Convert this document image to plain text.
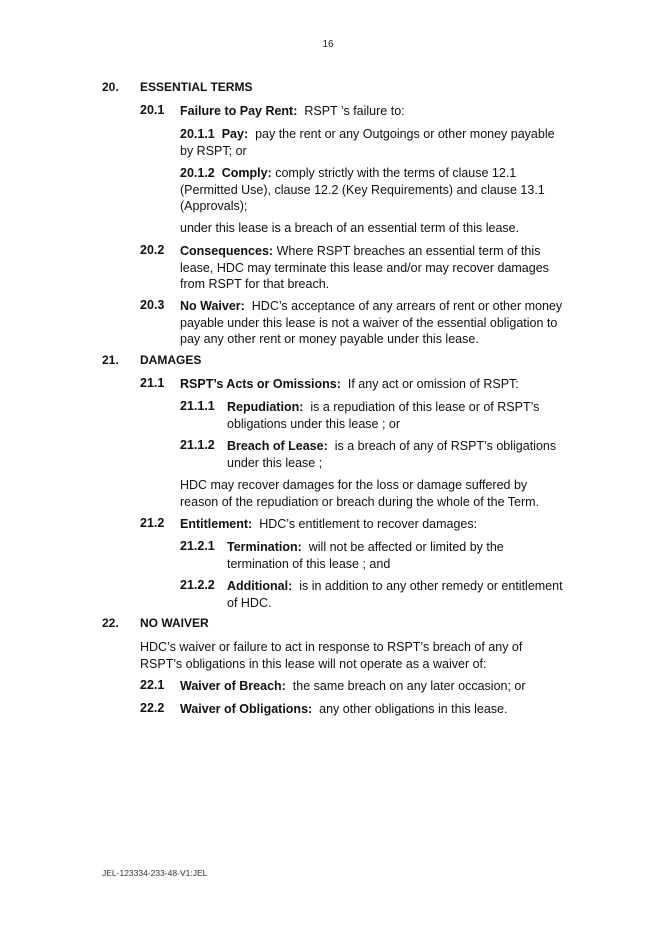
16
20. ESSENTIAL TERMS
20.1 Failure to Pay Rent: RSPT ’s failure to:
20.1.1 Pay: pay the rent or any Outgoings or other money payable by RSPT; or
20.1.2 Comply: comply strictly with the terms of clause 12.1 (Permitted Use), clause 12.2 (Key Requirements) and clause 13.1 (Approvals);
under this lease is a breach of an essential term of this lease.
20.2 Consequences: Where RSPT breaches an essential term of this lease, HDC may terminate this lease and/or may recover damages from RSPT for that breach.
20.3 No Waiver: HDC’s acceptance of any arrears of rent or other money payable under this lease is not a waiver of the essential obligation to pay any other rent or money payable under this lease.
21. DAMAGES
21.1 RSPT’s Acts or Omissions: If any act or omission of RSPT:
21.1.1 Repudiation: is a repudiation of this lease or of RSPT’s obligations under this lease ; or
21.1.2 Breach of Lease: is a breach of any of RSPT’s obligations under this lease ;
HDC may recover damages for the loss or damage suffered by reason of the repudiation or breach during the whole of the Term.
21.2 Entitlement: HDC’s entitlement to recover damages:
21.2.1 Termination: will not be affected or limited by the termination of this lease ; and
21.2.2 Additional: is in addition to any other remedy or entitlement of HDC.
22. NO WAIVER
HDC’s waiver or failure to act in response to RSPT’s breach of any of RSPT’s obligations in this lease will not operate as a waiver of:
22.1 Waiver of Breach: the same breach on any later occasion; or
22.2 Waiver of Obligations: any other obligations in this lease.
JEL-123334-233-48-V1:JEL
